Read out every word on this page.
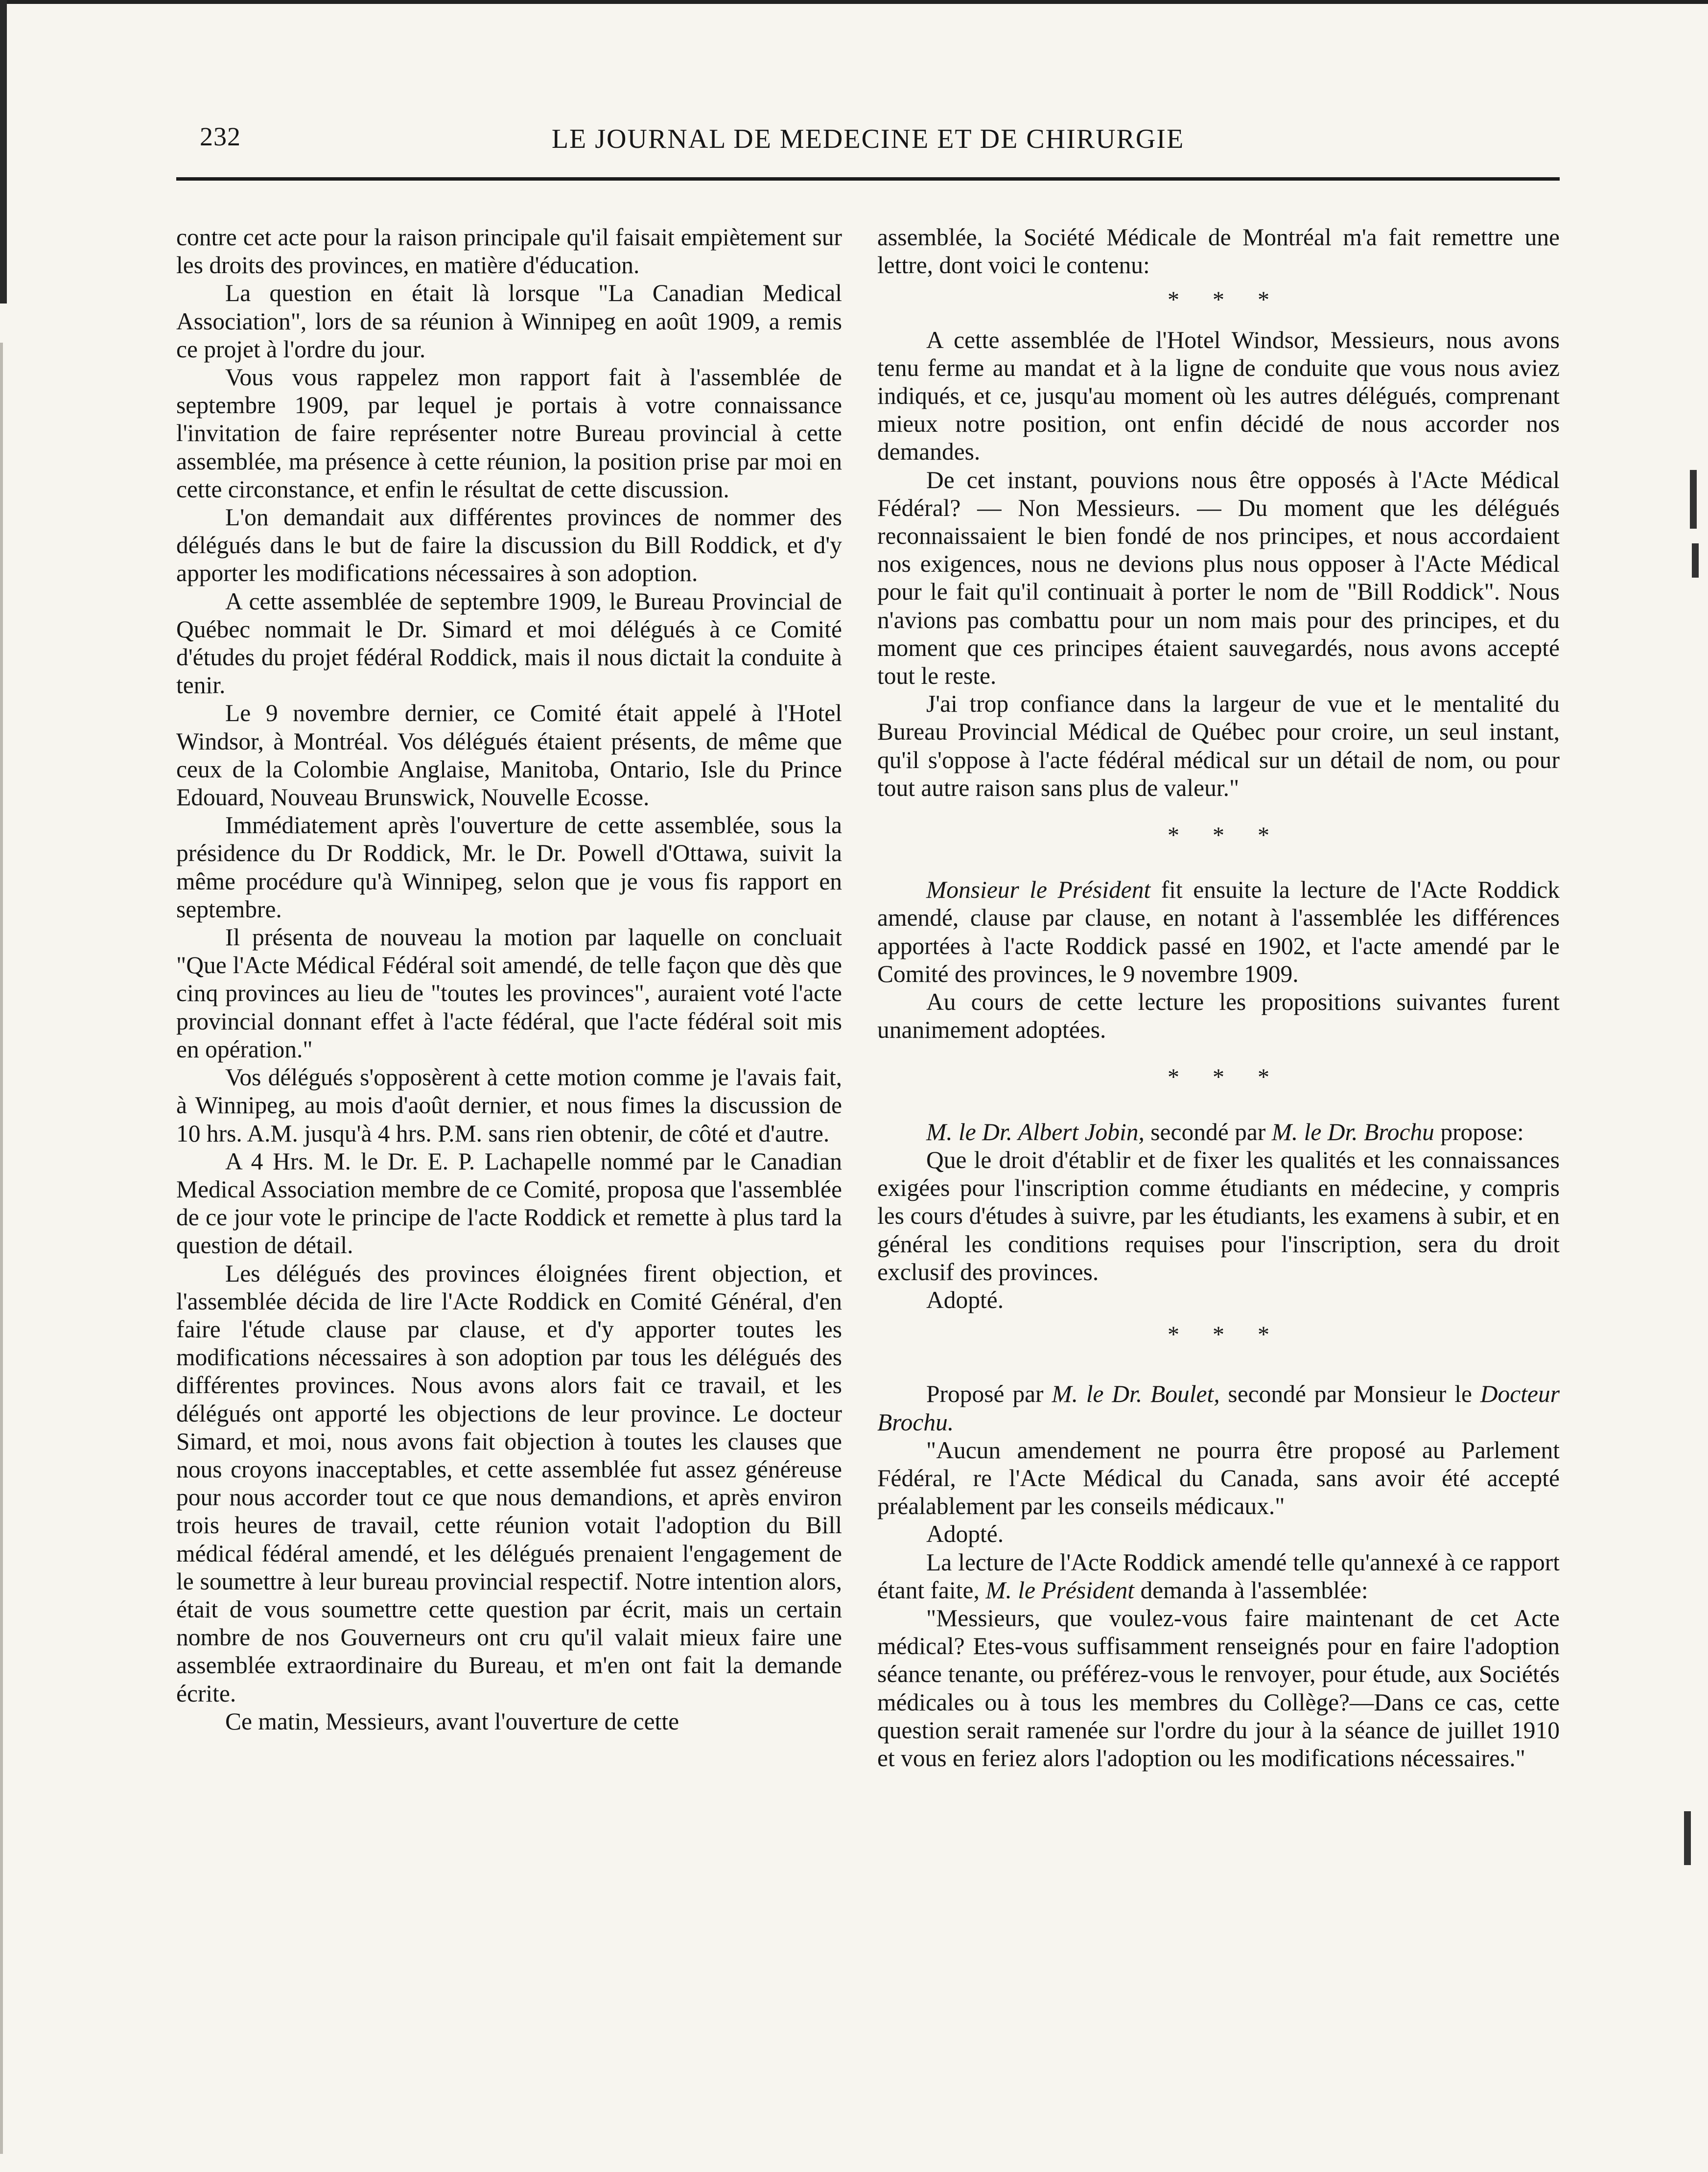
232	LE JOURNAL DE MEDECINE ET DE CHIRURGIE

contre cet acte pour la raison principale qu'il faisait empiètement sur les droits des provinces, en matière d'éducation.

La question en était là lorsque "La Canadian Medical Association", lors de sa réunion à Winnipeg en août 1909, a remis ce projet à l'ordre du jour.

Vous vous rappelez mon rapport fait à l'assemblée de septembre 1909, par lequel je portais à votre connaissance l'invitation de faire représenter notre Bureau provincial à cette assemblée, ma présence à cette réunion, la position prise par moi en cette circonstance, et enfin le résultat de cette discussion.

L'on demandait aux différentes provinces de nommer des délégués dans le but de faire la discussion du Bill Roddick, et d'y apporter les modifications nécessaires à son adoption.

A cette assemblée de septembre 1909, le Bureau Provincial de Québec nommait le Dr. Simard et moi délégués à ce Comité d'études du projet fédéral Roddick, mais il nous dictait la conduite à tenir.

Le 9 novembre dernier, ce Comité était appelé à l'Hotel Windsor, à Montréal. Vos délégués étaient présents, de même que ceux de la Colombie Anglaise, Manitoba, Ontario, Isle du Prince Edouard, Nouveau Brunswick, Nouvelle Ecosse.

Immédiatement après l'ouverture de cette assemblée, sous la présidence du Dr Roddick, Mr. le Dr. Powell d'Ottawa, suivit la même procédure qu'à Winnipeg, selon que je vous fis rapport en septembre.

Il présenta de nouveau la motion par laquelle on concluait "Que l'Acte Médical Fédéral soit amendé, de telle façon que dès que cinq provinces au lieu de "toutes les provinces", auraient voté l'acte provincial donnant effet à l'acte fédéral, que l'acte fédéral soit mis en opération."

Vos délégués s'opposèrent à cette motion comme je l'avais fait, à Winnipeg, au mois d'août dernier, et nous fimes la discussion de 10 hrs. A.M. jusqu'à 4 hrs. P.M. sans rien obtenir, de côté et d'autre.

A 4 Hrs. M. le Dr. E. P. Lachapelle nommé par le Canadian Medical Association membre de ce Comité, proposa que l'assemblée de ce jour vote le principe de l'acte Roddick et remette à plus tard la question de détail.

Les délégués des provinces éloignées firent objection, et l'assemblée décida de lire l'Acte Roddick en Comité Général, d'en faire l'étude clause par clause, et d'y apporter toutes les modifications nécessaires à son adoption par tous les délégués des différentes provinces. Nous avons alors fait ce travail, et les délégués ont apporté les objections de leur province. Le docteur Simard, et moi, nous avons fait objection à toutes les clauses que nous croyons inacceptables, et cette assemblée fut assez généreuse pour nous accorder tout ce que nous demandions, et après environ trois heures de travail, cette réunion votait l'adoption du Bill médical fédéral amendé, et les délégués prenaient l'engagement de le soumettre à leur bureau provincial respectif. Notre intention alors, était de vous soumettre cette question par écrit, mais un certain nombre de nos Gouverneurs ont cru qu'il valait mieux faire une assemblée extraordinaire du Bureau, et m'en ont fait la demande écrite.

Ce matin, Messieurs, avant l'ouverture de cette

assemblée, la Société Médicale de Montréal m'a fait remettre une lettre, dont voici le contenu:

* * *

A cette assemblée de l'Hotel Windsor, Messieurs, nous avons tenu ferme au mandat et à la ligne de conduite que vous nous aviez indiqués, et ce, jusqu'au moment où les autres délégués, comprenant mieux notre position, ont enfin décidé de nous accorder nos demandes.

De cet instant, pouvions nous être opposés à l'Acte Médical Fédéral? — Non Messieurs. — Du moment que les délégués reconnaissaient le bien fondé de nos principes, et nous accordaient nos exigences, nous ne devions plus nous opposer à l'Acte Médical pour le fait qu'il continuait à porter le nom de "Bill Roddick". Nous n'avions pas combattu pour un nom mais pour des principes, et du moment que ces principes étaient sauvegardés, nous avons accepté tout le reste.

J'ai trop confiance dans la largeur de vue et le mentalité du Bureau Provincial Médical de Québec pour croire, un seul instant, qu'il s'oppose à l'acte fédéral médical sur un détail de nom, ou pour tout autre raison sans plus de valeur."

* * *

Monsieur le Président fit ensuite la lecture de l'Acte Roddick amendé, clause par clause, en notant à l'assemblée les différences apportées à l'acte Roddick passé en 1902, et l'acte amendé par le Comité des provinces, le 9 novembre 1909.

Au cours de cette lecture les propositions suivantes furent unanimement adoptées.

* * *

M. le Dr. Albert Jobin, secondé par M. le Dr. Brochu propose:

Que le droit d'établir et de fixer les qualités et les connaissances exigées pour l'inscription comme étudiants en médecine, y compris les cours d'études à suivre, par les étudiants, les examens à subir, et en général les conditions requises pour l'inscription, sera du droit exclusif des provinces.

Adopté.

* * *

Proposé par M. le Dr. Boulet, secondé par Monsieur le Docteur Brochu.

"Aucun amendement ne pourra être proposé au Parlement Fédéral, re l'Acte Médical du Canada, sans avoir été accepté préalablement par les conseils médicaux."

Adopté.

La lecture de l'Acte Roddick amendé telle qu'annexé à ce rapport étant faite, M. le Président demanda à l'assemblée:

"Messieurs, que voulez-vous faire maintenant de cet Acte médical? Etes-vous suffisamment renseignés pour en faire l'adoption séance tenante, ou préférez-vous le renvoyer, pour étude, aux Sociétés médicales ou à tous les membres du Collège?—Dans ce cas, cette question serait ramenée sur l'ordre du jour à la séance de juillet 1910 et vous en feriez alors l'adoption ou les modifications nécessaires."
